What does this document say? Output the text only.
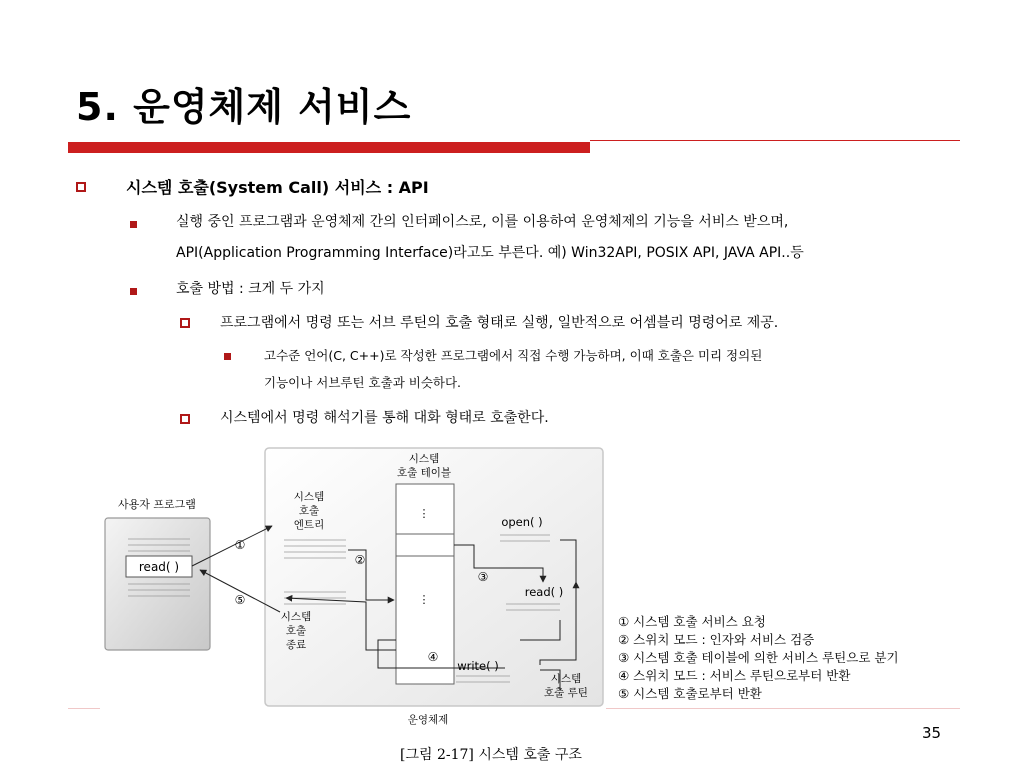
5. 운영체제 서비스
시스템 호출(System Call) 서비스 : API
실행 중인 프로그램과 운영체제 간의 인터페이스로, 이를 이용하여 운영체제의 기능을 서비스 받으며,
API(Application Programming Interface)라고도 부른다. 예) Win32API, POSIX API, JAVA API..등
호출 방법 : 크게 두 가지
프로그램에서 명령 또는 서브 루틴의 호출 형태로 실행, 일반적으로 어셈블리 명령어로 제공.
고수준 언어(C, C++)로 작성한 프로그램에서 직접 수행 가능하며, 이때 호출은 미리 정의된
기능이나 서브루틴 호출과 비슷하다.
시스템에서 명령 해석기를 통해 대화 형태로 호출한다.
사용자 프로그램
read( )
시스템
호출
엔트리
시스템
호출 테이블
⋮
⋮
시스템
호출
종료
open( )
read( )
write( )
시스템
호출 루틴
운영체제
①
②
③
④
⑤
① 시스템 호출 서비스 요청
② 스위치 모드 : 인자와 서비스 검증
③ 시스템 호출 테이블에 의한 서비스 루틴으로 분기
④ 스위치 모드 : 서비스 루틴으로부터 반환
⑤ 시스템 호출로부터 반환
35
[그림 2-17] 시스템 호출 구조
